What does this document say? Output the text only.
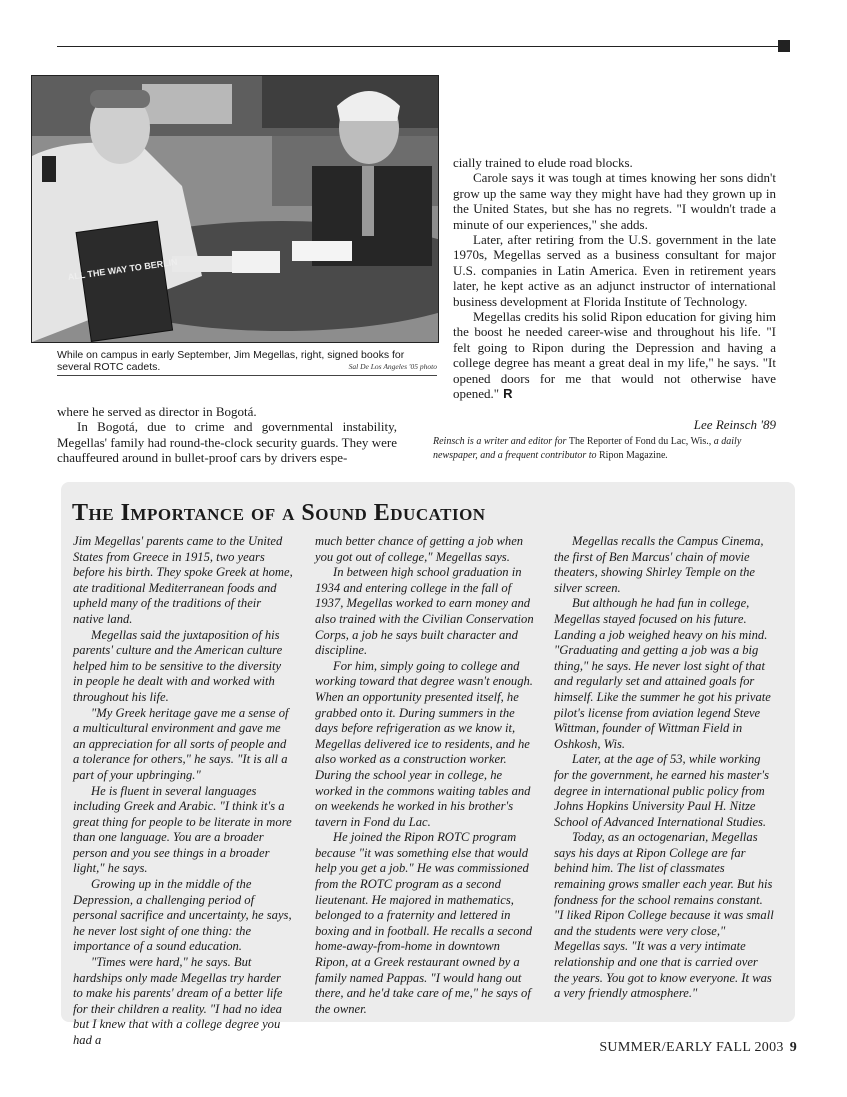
ALL THE WAY TO BERLIN
While on campus in early September, Jim Megellas, right, signed books for several ROTC cadets.	Sal De Los Angeles '05 photo

where he served as director in Bogotá.

In Bogotá, due to crime and governmental instability, Megellas' family had round-the-clock security guards. They were chauffeured around in bullet-proof cars by drivers espe-

cially trained to elude road blocks.

Carole says it was tough at times knowing her sons didn't grow up the same way they might have had they grown up in the United States, but she has no regrets. "I wouldn't trade a minute of our experiences," she adds.

Later, after retiring from the U.S. government in the late 1970s, Megellas served as a business consultant for major U.S. companies in Latin America. Even in retirement years later, he kept active as an adjunct instructor of international business development at Florida Institute of Technology.

Megellas credits his solid Ripon education for giving him the boost he needed career-wise and throughout his life. "I felt going to Ripon during the Depression and having a college degree has meant a great deal in my life," he says. "It opened doors for me that would not otherwise have opened." R

Lee Reinsch '89
Reinsch is a writer and editor for The Reporter of Fond du Lac, Wis., a daily newspaper, and a frequent contributor to Ripon Magazine.
The Importance of a Sound Education

Jim Megellas' parents came to the United States from Greece in 1915, two years before his birth. They spoke Greek at home, ate traditional Mediterranean foods and upheld many of the traditions of their native land.

Megellas said the juxtaposition of his parents' culture and the American culture helped him to be sensitive to the diversity in people he dealt with and worked with throughout his life.

"My Greek heritage gave me a sense of a multicultural environment and gave me an appreciation for all sorts of people and a tolerance for others," he says. "It is all a part of your upbringing."

He is fluent in several languages including Greek and Arabic. "I think it's a great thing for people to be literate in more than one language. You are a broader person and you see things in a broader light," he says.

Growing up in the middle of the Depression, a challenging period of personal sacrifice and uncertainty, he says, he never lost sight of one thing: the importance of a sound education.

"Times were hard," he says. But hardships only made Megellas try harder to make his parents' dream of a better life for their children a reality. "I had no idea but I knew that with a college degree you had a

much better chance of getting a job when you got out of college," Megellas says.

In between high school graduation in 1934 and entering college in the fall of 1937, Megellas worked to earn money and also trained with the Civilian Conservation Corps, a job he says built character and discipline.

For him, simply going to college and working toward that degree wasn't enough. When an opportunity presented itself, he grabbed onto it. During summers in the days before refrigeration as we know it, Megellas delivered ice to residents, and he also worked as a construction worker. During the school year in college, he worked in the commons waiting tables and on weekends he worked in his brother's tavern in Fond du Lac.

He joined the Ripon ROTC program because "it was something else that would help you get a job." He was commissioned from the ROTC program as a second lieutenant. He majored in mathematics, belonged to a fraternity and lettered in boxing and in football. He recalls a second home-away-from-home in downtown Ripon, at a Greek restaurant owned by a family named Pappas. "I would hang out there, and he'd take care of me," he says of the owner.

Megellas recalls the Campus Cinema, the first of Ben Marcus' chain of movie theaters, showing Shirley Temple on the silver screen.

But although he had fun in college, Megellas stayed focused on his future. Landing a job weighed heavy on his mind. "Graduating and getting a job was a big thing," he says. He never lost sight of that and regularly set and attained goals for himself. Like the summer he got his private pilot's license from aviation legend Steve Wittman, founder of Wittman Field in Oshkosh, Wis.

Later, at the age of 53, while working for the government, he earned his master's degree in international public policy from Johns Hopkins University Paul H. Nitze School of Advanced International Studies.

Today, as an octogenarian, Megellas says his days at Ripon College are far behind him. The list of classmates remaining grows smaller each year. But his fondness for the school remains constant. "I liked Ripon College because it was small and the students were very close," Megellas says. "It was a very intimate relationship and one that is carried over the years. You got to know everyone. It was a very friendly atmosphere."

SUMMER/EARLY FALL 2003 9
